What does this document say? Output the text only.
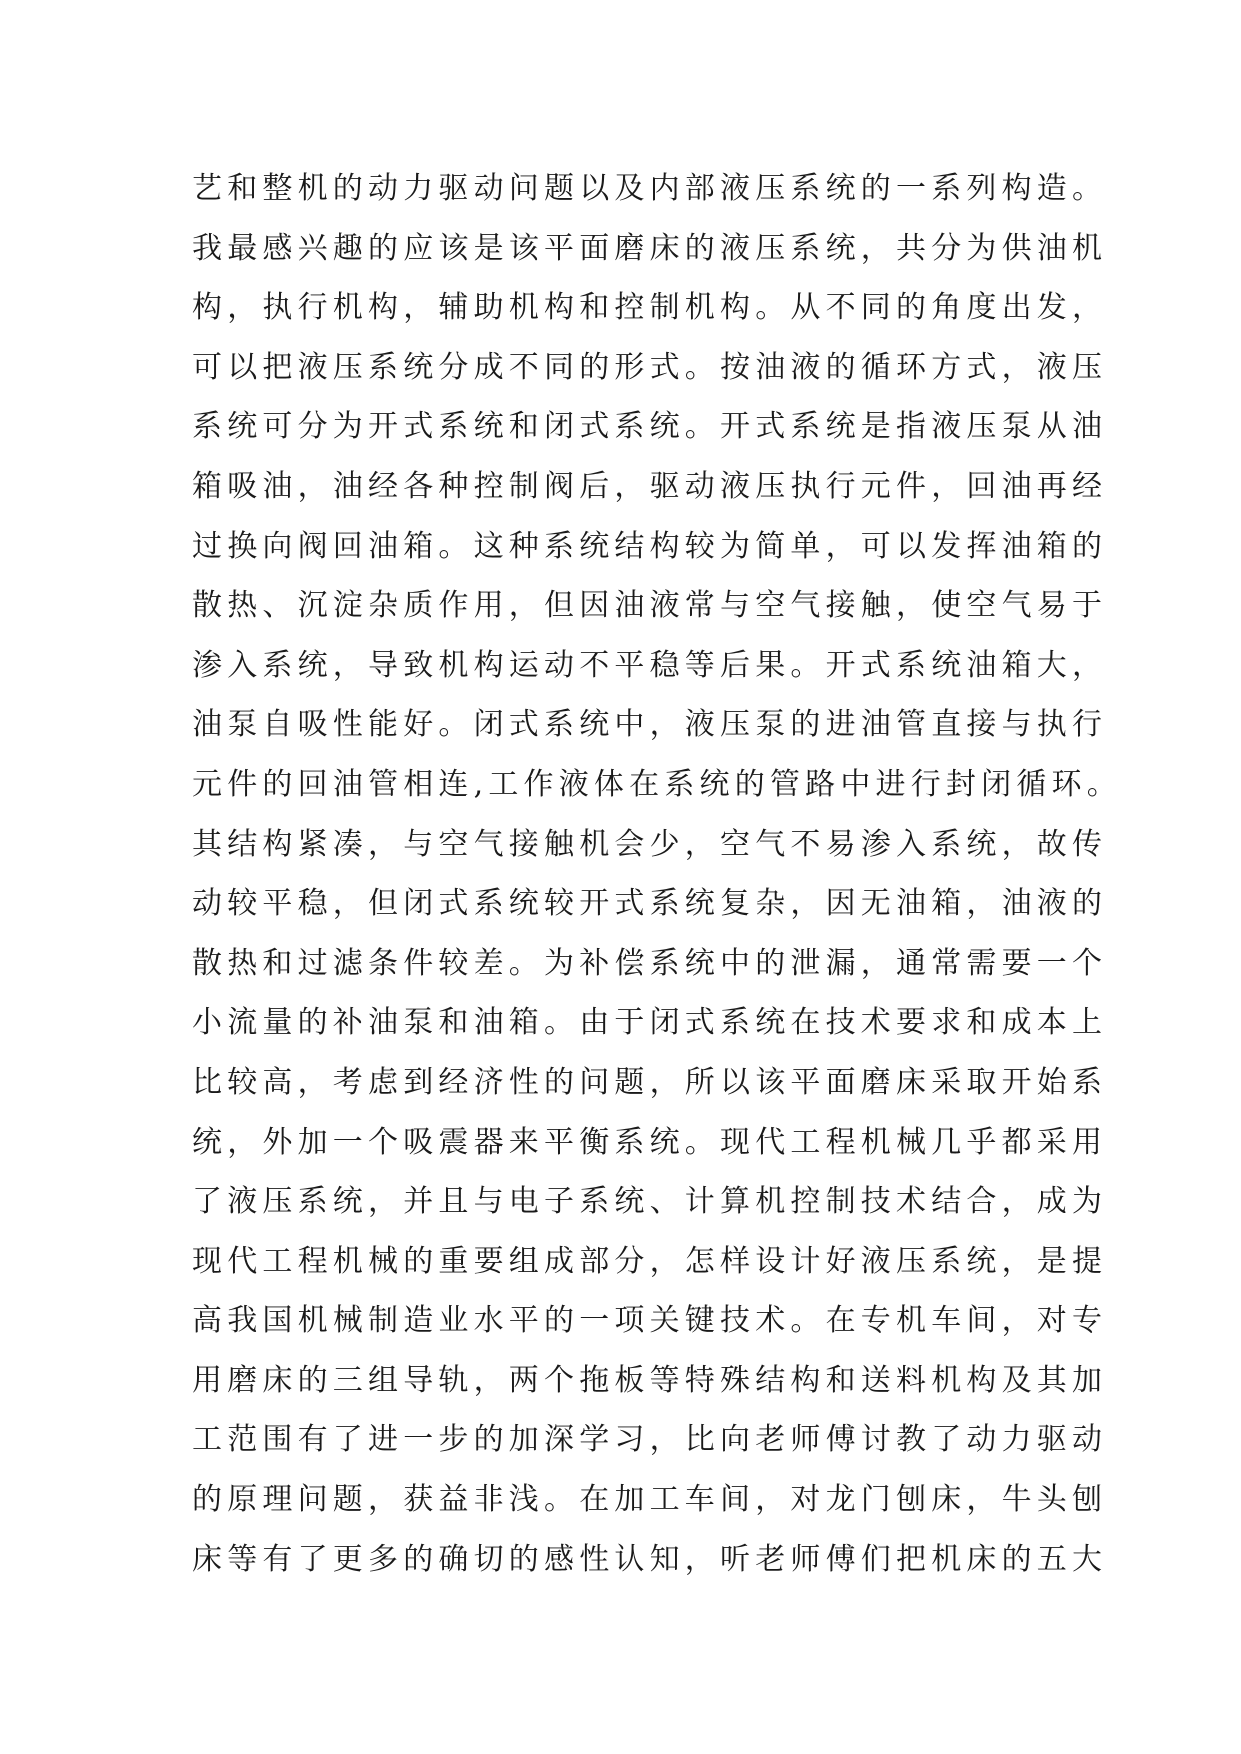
艺和整机的动力驱动问题以及内部液压系统的一系列构造。
我最感兴趣的应该是该平面磨床的液压系统，共分为供油机
构，执行机构，辅助机构和控制机构。从不同的角度出发，
可以把液压系统分成不同的形式。按油液的循环方式，液压
系统可分为开式系统和闭式系统。开式系统是指液压泵从油
箱吸油，油经各种控制阀后，驱动液压执行元件，回油再经
过换向阀回油箱。这种系统结构较为简单，可以发挥油箱的
散热、沉淀杂质作用，但因油液常与空气接触，使空气易于
渗入系统，导致机构运动不平稳等后果。开式系统油箱大，
油泵自吸性能好。闭式系统中，液压泵的进油管直接与执行
元件的回油管相连,工作液体在系统的管路中进行封闭循环。
其结构紧凑，与空气接触机会少，空气不易渗入系统，故传
动较平稳，但闭式系统较开式系统复杂，因无油箱，油液的
散热和过滤条件较差。为补偿系统中的泄漏，通常需要一个
小流量的补油泵和油箱。由于闭式系统在技术要求和成本上
比较高，考虑到经济性的问题，所以该平面磨床采取开始系
统，外加一个吸震器来平衡系统。现代工程机械几乎都采用
了液压系统，并且与电子系统、计算机控制技术结合，成为
现代工程机械的重要组成部分，怎样设计好液压系统，是提
高我国机械制造业水平的一项关键技术。在专机车间，对专
用磨床的三组导轨，两个拖板等特殊结构和送料机构及其加
工范围有了进一步的加深学习，比向老师傅讨教了动力驱动
的原理问题，获益非浅。在加工车间，对龙门刨床，牛头刨
床等有了更多的确切的感性认知，听老师傅们把机床的五大
